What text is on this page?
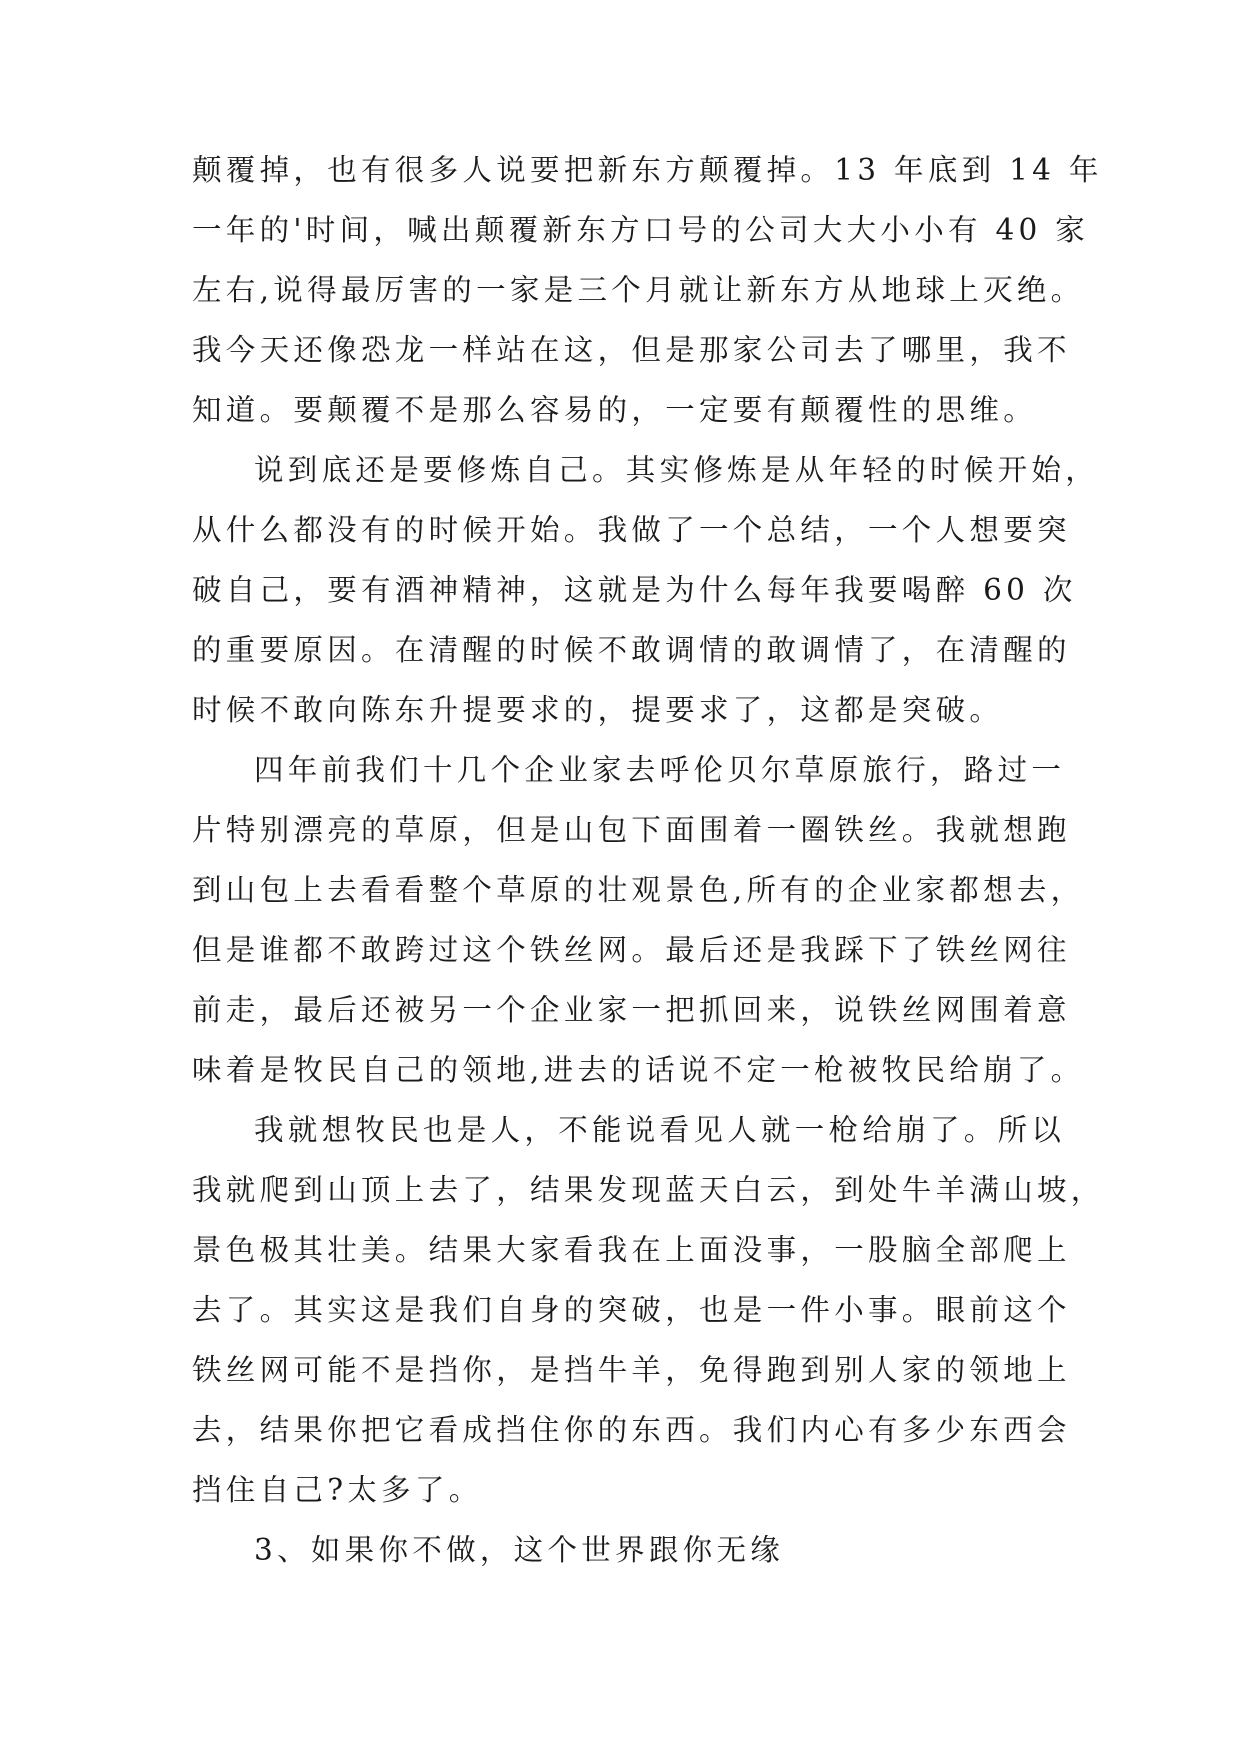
颠覆掉，也有很多人说要把新东方颠覆掉。13 年底到 14 年
一年的'时间，喊出颠覆新东方口号的公司大大小小有 40 家
左右,说得最厉害的一家是三个月就让新东方从地球上灭绝。
我今天还像恐龙一样站在这，但是那家公司去了哪里，我不
知道。要颠覆不是那么容易的，一定要有颠覆性的思维。
说到底还是要修炼自己。其实修炼是从年轻的时候开始，
从什么都没有的时候开始。我做了一个总结，一个人想要突
破自己，要有酒神精神，这就是为什么每年我要喝醉 60 次
的重要原因。在清醒的时候不敢调情的敢调情了，在清醒的
时候不敢向陈东升提要求的，提要求了，这都是突破。
四年前我们十几个企业家去呼伦贝尔草原旅行，路过一
片特别漂亮的草原，但是山包下面围着一圈铁丝。我就想跑
到山包上去看看整个草原的壮观景色,所有的企业家都想去，
但是谁都不敢跨过这个铁丝网。最后还是我踩下了铁丝网往
前走，最后还被另一个企业家一把抓回来，说铁丝网围着意
味着是牧民自己的领地,进去的话说不定一枪被牧民给崩了。
我就想牧民也是人，不能说看见人就一枪给崩了。所以
我就爬到山顶上去了，结果发现蓝天白云，到处牛羊满山坡，
景色极其壮美。结果大家看我在上面没事，一股脑全部爬上
去了。其实这是我们自身的突破，也是一件小事。眼前这个
铁丝网可能不是挡你，是挡牛羊，免得跑到别人家的领地上
去，结果你把它看成挡住你的东西。我们内心有多少东西会
挡住自己?太多了。
3、如果你不做，这个世界跟你无缘
